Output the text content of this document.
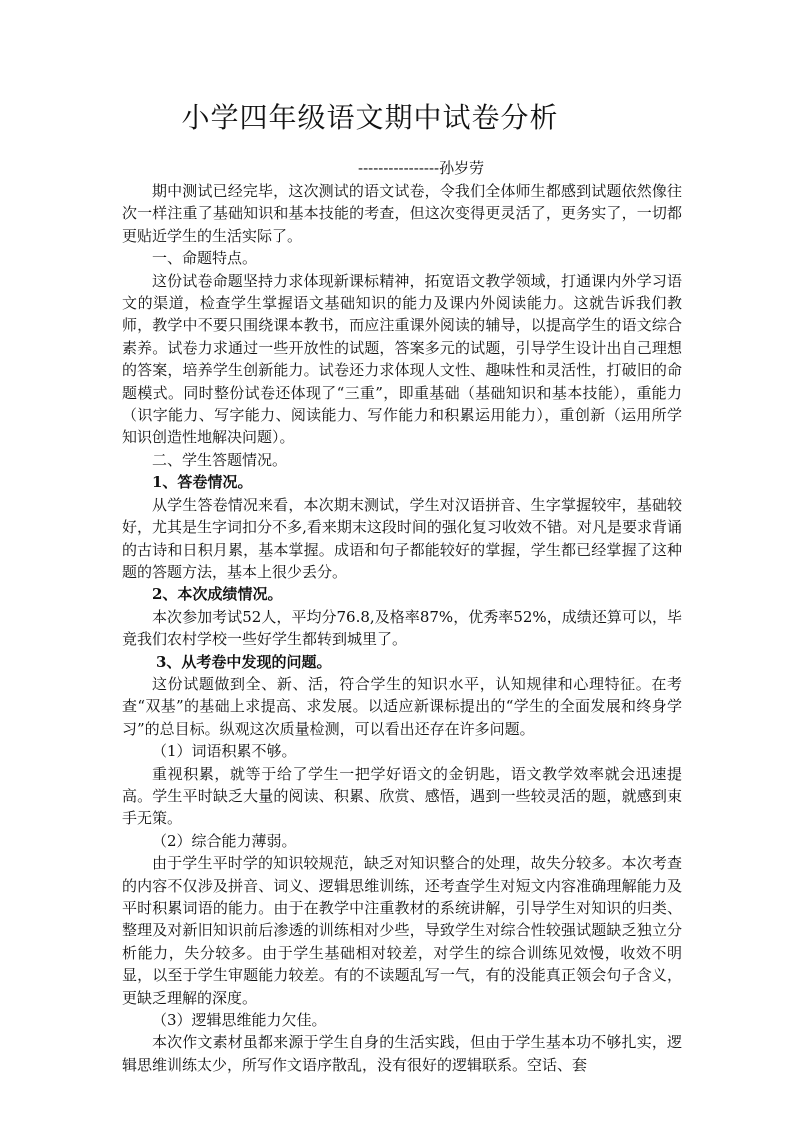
小学四年级语文期中试卷分析
----------------孙岁劳

期中测试已经完毕，这次测试的语文试卷，令我们全体师生都感到试题依然像往次一样注重了基础知识和基本技能的考查，但这次变得更灵活了，更务实了，一切都更贴近学生的生活实际了。

一、命题特点。

这份试卷命题坚持力求体现新课标精神，拓宽语文教学领域，打通课内外学习语文的渠道，检查学生掌握语文基础知识的能力及课内外阅读能力。这就告诉我们教师，教学中不要只围绕课本教书，而应注重课外阅读的辅导，以提高学生的语文综合素养。试卷力求通过一些开放性的试题，答案多元的试题，引导学生设计出自己理想的答案，培养学生创新能力。试卷还力求体现人文性、趣味性和灵活性，打破旧的命题模式。同时整份试卷还体现了“三重”，即重基础（基础知识和基本技能），重能力（识字能力、写字能力、阅读能力、写作能力和积累运用能力），重创新（运用所学知识创造性地解决问题）。

二、学生答题情况。

1、答卷情况。

从学生答卷情况来看，本次期末测试，学生对汉语拼音、生字掌握较牢，基础较好，尤其是生字词扣分不多,看来期末这段时间的强化复习收效不错。对凡是要求背诵的古诗和日积月累，基本掌握。成语和句子都能较好的掌握，学生都已经掌握了这种题的答题方法，基本上很少丢分。

2、本次成绩情况。

本次参加考试52人，平均分76.8,及格率87%，优秀率52%，成绩还算可以，毕竟我们农村学校一些好学生都转到城里了。

3、从考卷中发现的问题。

这份试题做到全、新、活，符合学生的知识水平，认知规律和心理特征。在考查“双基”的基础上求提高、求发展。以适应新课标提出的“学生的全面发展和终身学习”的总目标。纵观这次质量检测，可以看出还存在许多问题。

（1）词语积累不够。

重视积累，就等于给了学生一把学好语文的金钥匙，语文教学效率就会迅速提高。学生平时缺乏大量的阅读、积累、欣赏、感悟，遇到一些较灵活的题，就感到束手无策。

（2）综合能力薄弱。

由于学生平时学的知识较规范，缺乏对知识整合的处理，故失分较多。本次考查的内容不仅涉及拼音、词义、逻辑思维训练，还考查学生对短文内容准确理解能力及平时积累词语的能力。由于在教学中注重教材的系统讲解，引导学生对知识的归类、整理及对新旧知识前后渗透的训练相对少些，导致学生对综合性较强试题缺乏独立分析能力，失分较多。由于学生基础相对较差，对学生的综合训练见效慢，收效不明显，以至于学生审题能力较差。有的不读题乱写一气，有的没能真正领会句子含义，更缺乏理解的深度。

（3）逻辑思维能力欠佳。

本次作文素材虽都来源于学生自身的生活实践，但由于学生基本功不够扎实，逻辑思维训练太少，所写作文语序散乱，没有很好的逻辑联系。空话、套
